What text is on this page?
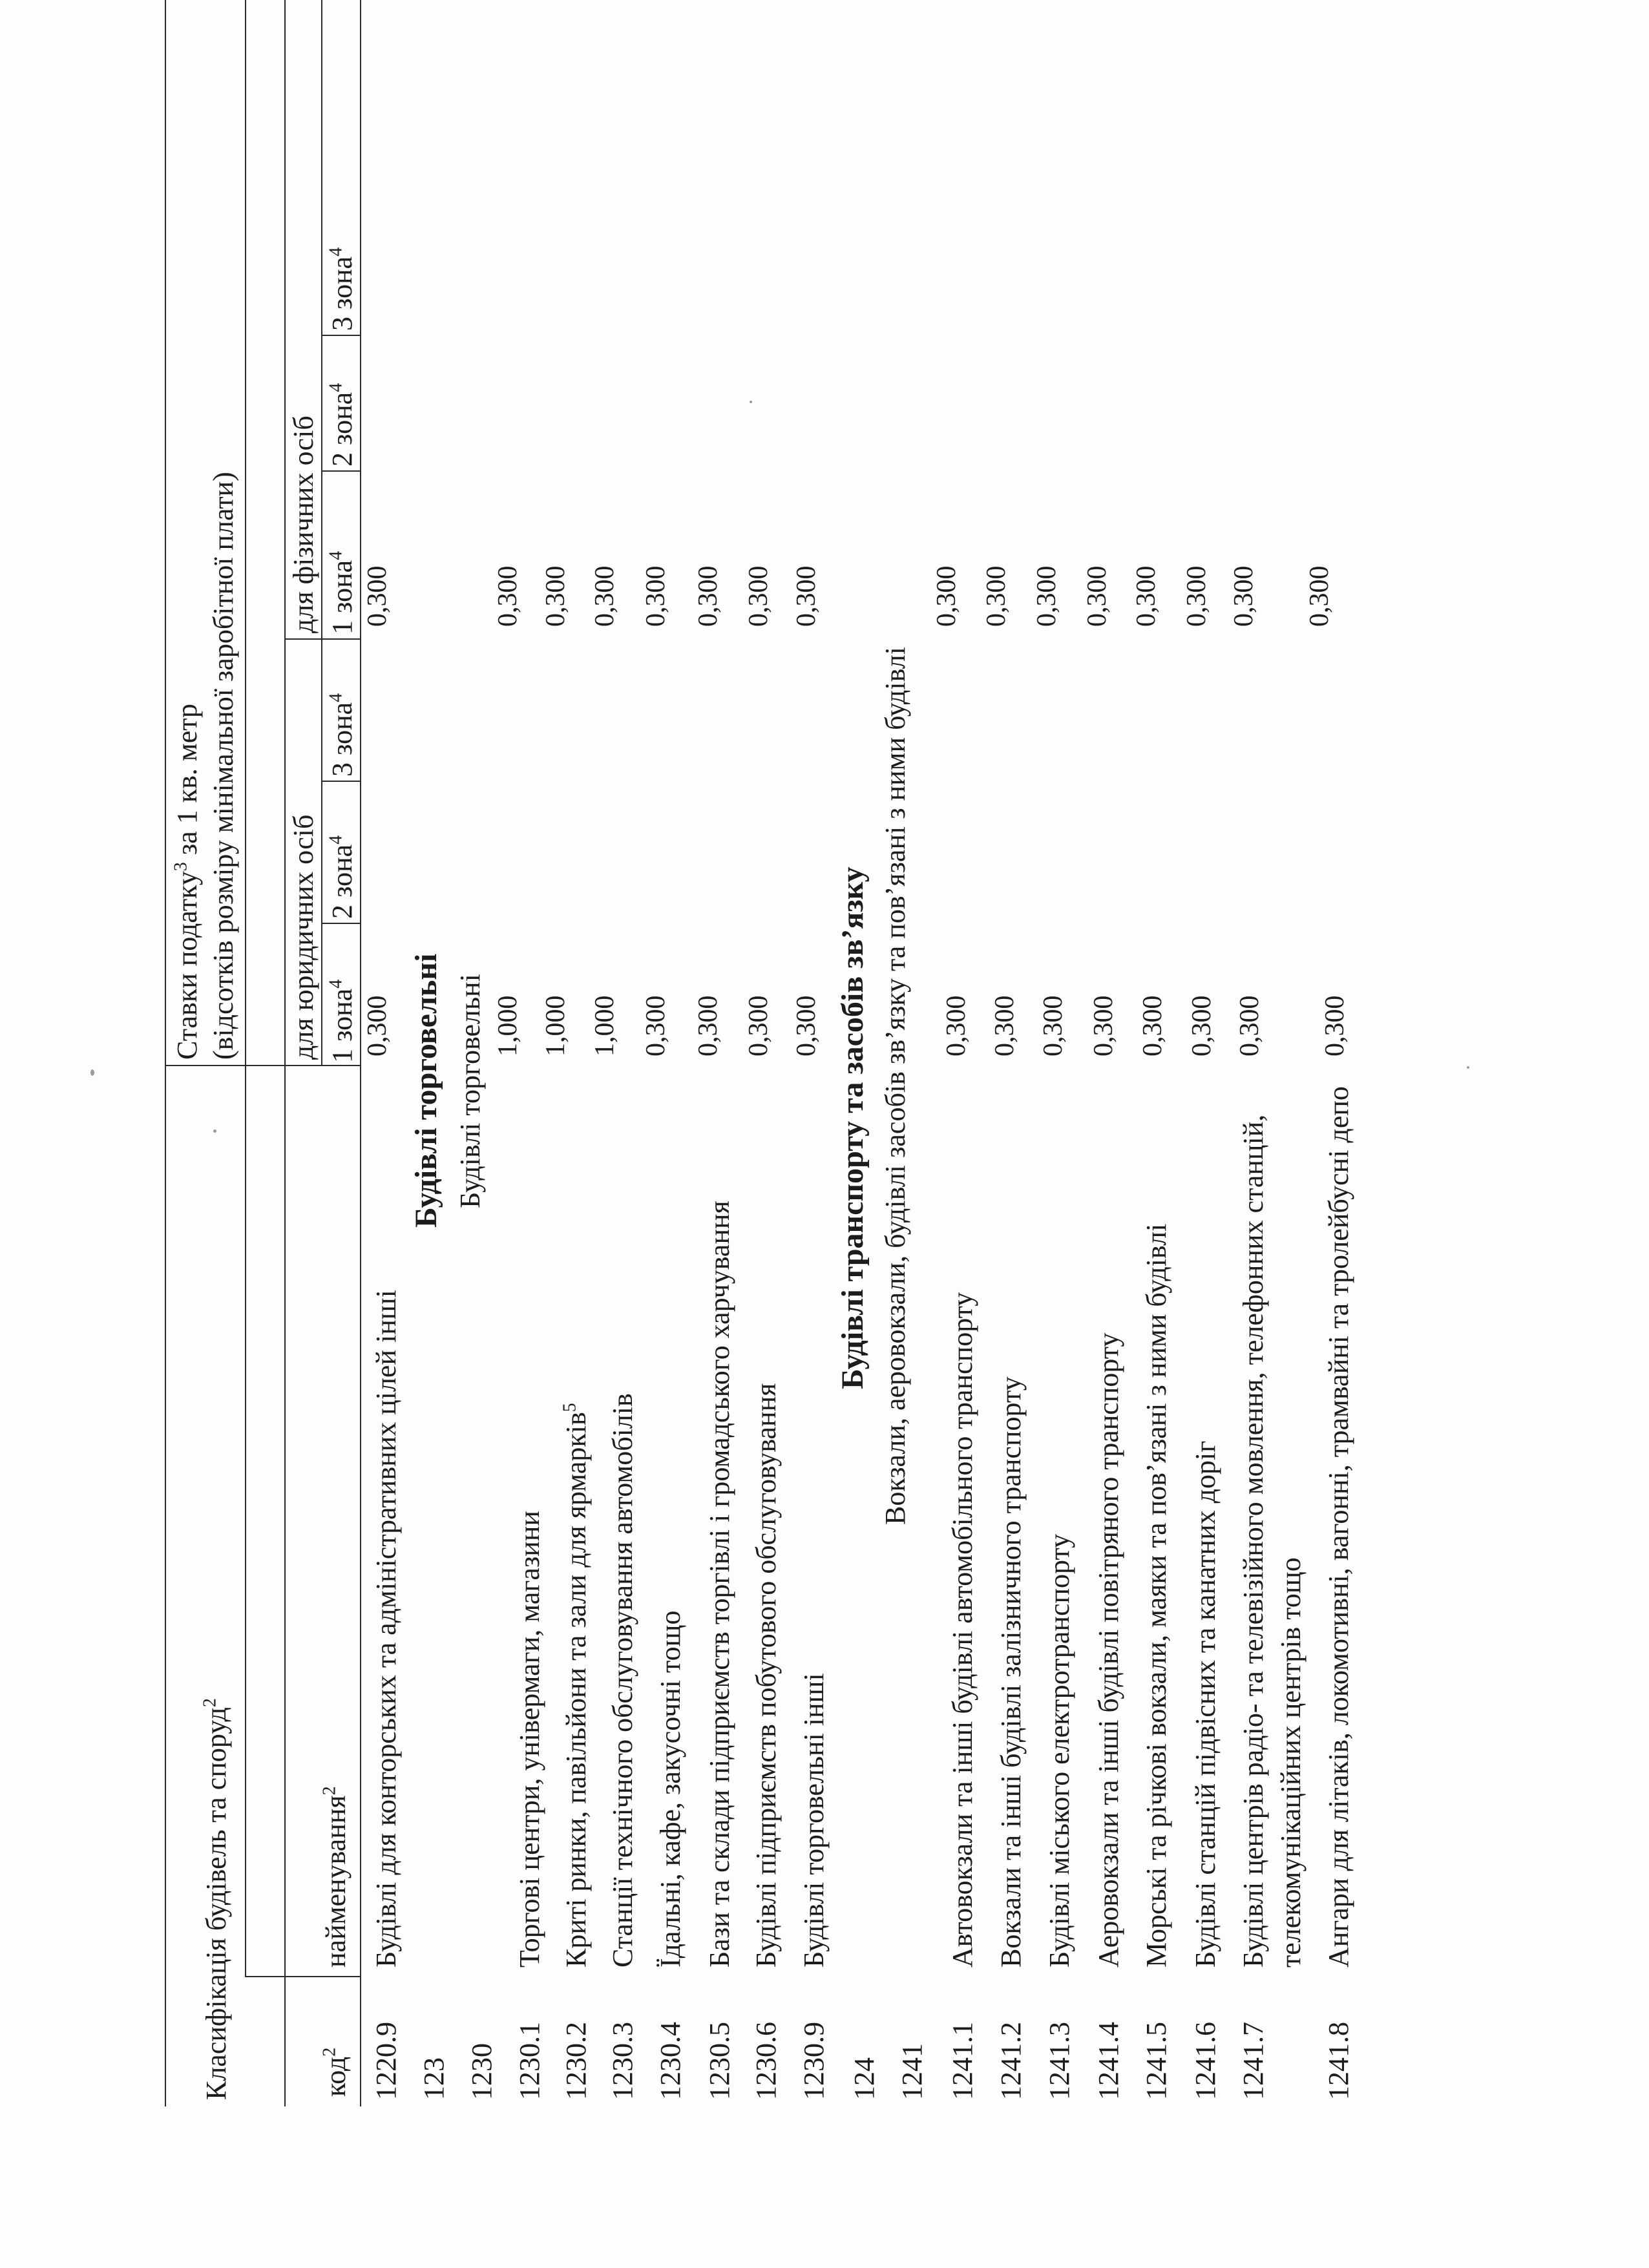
Класифікація будівель та споруд$^2$
Ставки податку$^3$ за 1 кв. метр (відсотків розміру мінімальної заробітної плати)
код$^2$
найменування$^2$
для юридичних осіб
для фізичних осіб
1 зона$^4$
2 зона$^4$
3 зона$^4$
1 зона$^4$
2 зона$^4$
3 зона$^4$
1220.9
Будівлі для конторських та адміністративних цілей інші
0,300
0,300
123
Будівлі торговельні
1230
Будівлі торговельні
1230.1
Торгові центри, універмаги, магазини
1,000
0,300
1230.2
Криті ринки, павільйони та зали для ярмарків$^5$
1,000
0,300
1230.3
Станції технічного обслуговування автомобілів
1,000
0,300
1230.4
Їдальні, кафе, закусочні тощо
0,300
0,300
1230.5
Бази та склади підприємств торгівлі і громадського харчування
0,300
0,300
1230.6
Будівлі підприємств побутового обслуговування
0,300
0,300
1230.9
Будівлі торговельні інші
0,300
0,300
124
Будівлі транспорту та засобів зв’язку
1241
Вокзали, аеровокзали, будівлі засобів зв’язку та пов’язані з ними будівлі
1241.1
Автовокзали та інші будівлі автомобільного транспорту
0,300
0,300
1241.2
Вокзали та інші будівлі залізничного транспорту
0,300
0,300
1241.3
Будівлі міського електротранспорту
0,300
0,300
1241.4
Аеровокзали та інші будівлі повітряного транспорту
0,300
0,300
1241.5
Морські та річкові вокзали, маяки та пов’язані з ними будівлі
0,300
0,300
1241.6
Будівлі станцій підвісних та канатних доріг
0,300
0,300
1241.7
Будівлі центрів радіо- та телевізійного мовлення, телефонних станцій, телекомунікаційних центрів тощо
0,300
0,300
1241.8
Ангари для літаків, локомотивні, вагонні, трамвайні та тролейбусні депо
0,300
0,300
